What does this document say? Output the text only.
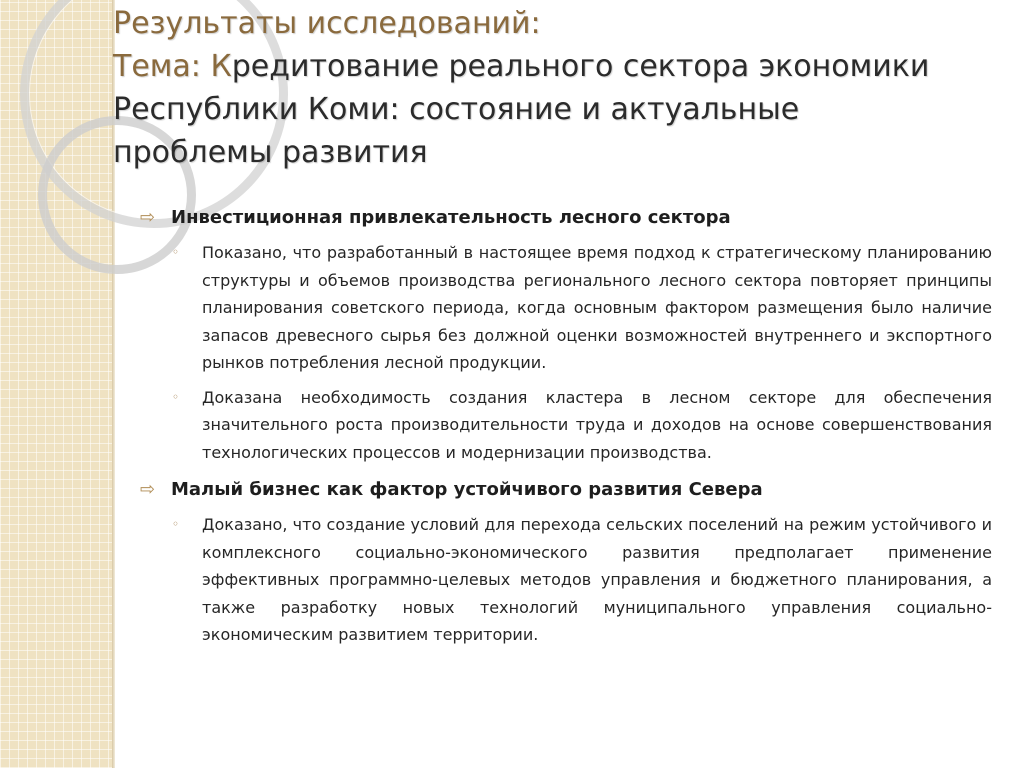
Результаты исследований:
Тема: Кредитование реального сектора экономики Республики Коми: состояние и актуальные проблемы развития
⇨ Инвестиционная привлекательность лесного сектора
◦ Показано, что разработанный в настоящее время подход к стратегическому планированию структуры и объемов производства регионального лесного сектора повторяет принципы планирования советского периода, когда основным фактором размещения было наличие запасов древесного сырья без должной оценки возможностей внутреннего и экспортного рынков потребления лесной продукции.
◦ Доказана необходимость создания кластера в лесном секторе для обеспечения значительного роста производительности труда и доходов на основе совершенствования технологических процессов и модернизации производства.
⇨ Малый бизнес как фактор устойчивого развития Севера
◦ Доказано, что создание условий для перехода сельских поселений на режим устойчивого и комплексного социально-экономического развития предполагает применение эффективных программно-целевых методов управления и бюджетного планирования, а также разработку новых технологий муниципального управления социально-экономическим развитием территории.
